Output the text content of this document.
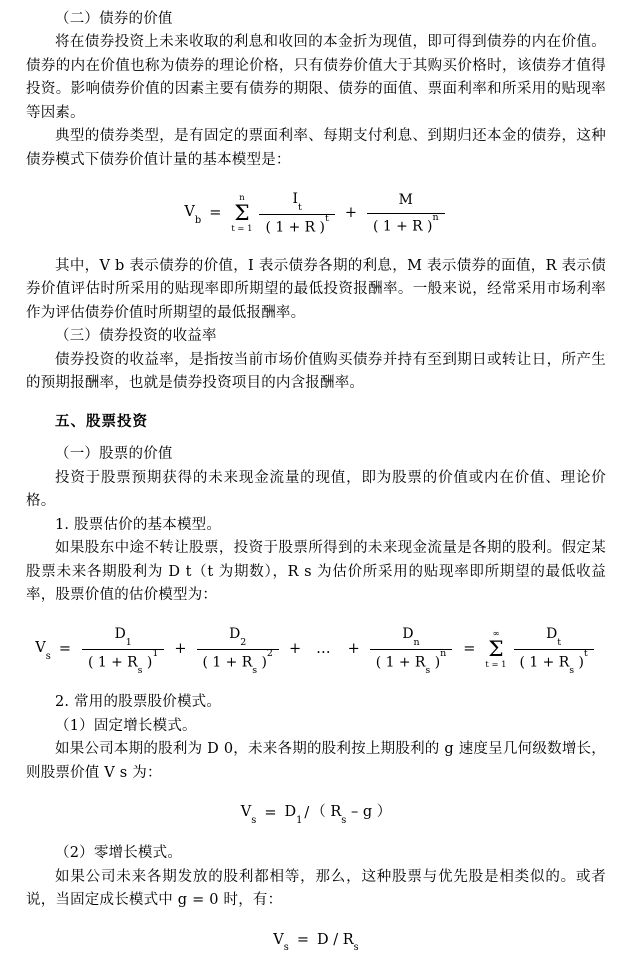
（二）债券的价值

将在债券投资上未来收取的利息和收回的本金折为现值，即可得到债券的内在价值。债券的内在价值也称为债券的理论价格，只有债券价值大于其购买价格时，该债券才值得投资。影响债券价值的因素主要有债券的期限、债券的面值、票面利率和所采用的贴现率等因素。

典型的债券类型，是有固定的票面利率、每期支付利息、到期归还本金的债券，这种债券模式下债券价值计量的基本模型是：

$V_b$ =
n
Σ
$t = 1 \frac{I_t}{( 1 + R )^t} + \frac{M}{( 1 + R )^n}$

其中，V b 表示债券的价值，I 表示债券各期的利息，M 表示债券的面值，R 表示债券价值评估时所采用的贴现率即所期望的最低投资报酬率。一般来说，经常采用市场利率作为评估债券价值时所期望的最低报酬率。

（三）债券投资的收益率

债券投资的收益率，是指按当前市场价值购买债券并持有至到期日或转让日，所产生的预期报酬率，也就是债券投资项目的内含报酬率。

五、股票投资

（一）股票的价值

投资于股票预期获得的未来现金流量的现值，即为股票的价值或内在价值、理论价格。

1. 股票估价的基本模型。

如果股东中途不转让股票，投资于股票所得到的未来现金流量是各期的股利。假定某股票未来各期股利为 D t（t 为期数），R s 为估价所采用的贴现率即所期望的最低收益率，股票价值的估价模型为：

$V_s = \frac{D_1}{( 1 + R_s )^1} + \frac{D_2}{( 1 + R_s )^2}$ + … + $\frac{D_n}{( 1 + R_s )^n}$ =
∞
Σ
$t = 1 \frac{D_t}{( 1 + R_s )^t}$

2. 常用的股票股价模式。

（1）固定增长模式。

如果公司本期的股利为 D 0，未来各期的股利按上期股利的 g 速度呈几何级数增长，则股票价值 V s 为：

$V_s = D_1$ / （ $R_s$ – g ）

（2）零增长模式。

如果公司未来各期发放的股利都相等，那么，这种股票与优先股是相类似的。或者说，当固定成长模式中 g = 0 时，有：

$V_s = D / R_s$
